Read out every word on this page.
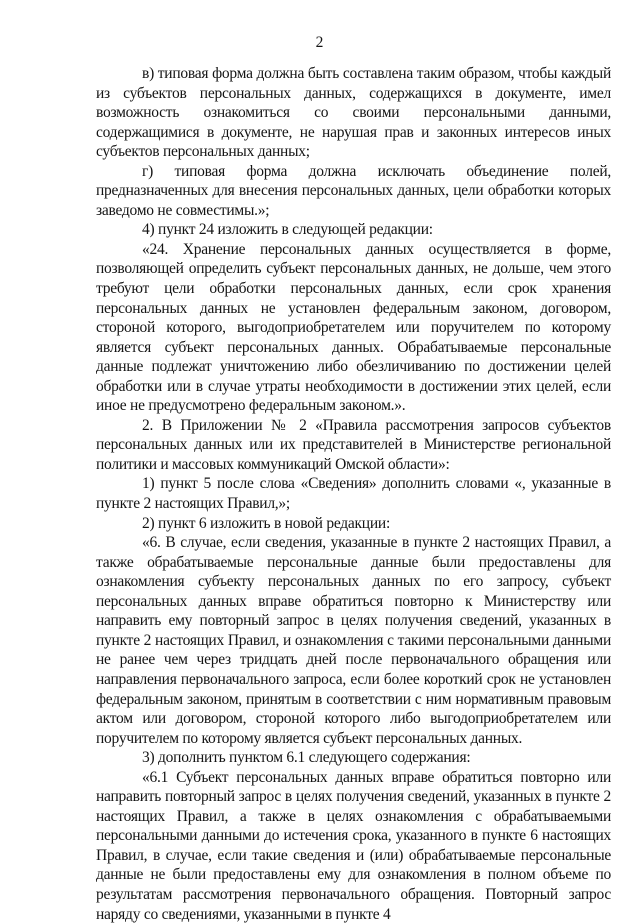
2

в) типовая форма должна быть составлена таким образом, чтобы каждый из субъектов персональных данных, содержащихся в документе, имел возможность ознакомиться со своими персональными данными, содержащимися в документе, не нарушая прав и законных интересов иных субъектов персональных данных;

г) типовая форма должна исключать объединение полей, предназначенных для внесения персональных данных, цели обработки которых заведомо не совместимы.»;

4) пункт 24 изложить в следующей редакции:

«24. Хранение персональных данных осуществляется в форме, позволяющей определить субъект персональных данных, не дольше, чем этого требуют цели обработки персональных данных, если срок хранения персональных данных не установлен федеральным законом, договором, стороной которого, выгодоприобретателем или поручителем по которому является субъект персональных данных. Обрабатываемые персональные данные подлежат уничтожению либо обезличиванию по достижении целей обработки или в случае утраты необходимости в достижении этих целей, если иное не предусмотрено федеральным законом.».

2. В Приложении № 2 «Правила рассмотрения запросов субъектов персональных данных или их представителей в Министерстве региональной политики и массовых коммуникаций Омской области»:

1) пункт 5 после слова «Сведения» дополнить словами «, указанные в пункте 2 настоящих Правил,»;

2) пункт 6 изложить в новой редакции:

«6. В случае, если сведения, указанные в пункте 2 настоящих Правил, а также обрабатываемые персональные данные были предоставлены для ознакомления субъекту персональных данных по его запросу, субъект персональных данных вправе обратиться повторно к Министерству или направить ему повторный запрос в целях получения сведений, указанных в пункте 2 настоящих Правил, и ознакомления с такими персональными данными не ранее чем через тридцать дней после первоначального обращения или направления первоначального запроса, если более короткий срок не установлен федеральным законом, принятым в соответствии с ним нормативным правовым актом или договором, стороной которого либо выгодоприобретателем или поручителем по которому является субъект персональных данных.

3) дополнить пунктом 6.1 следующего содержания:

«6.1 Субъект персональных данных вправе обратиться повторно или направить повторный запрос в целях получения сведений, указанных в пункте 2 настоящих Правил, а также в целях ознакомления с обрабатываемыми персональными данными до истечения срока, указанного в пункте 6 настоящих Правил, в случае, если такие сведения и (или) обрабатываемые персональные данные не были предоставлены ему для ознакомления в полном объеме по результатам рассмотрения первоначального обращения. Повторный запрос наряду со сведениями, указанными в пункте 4
